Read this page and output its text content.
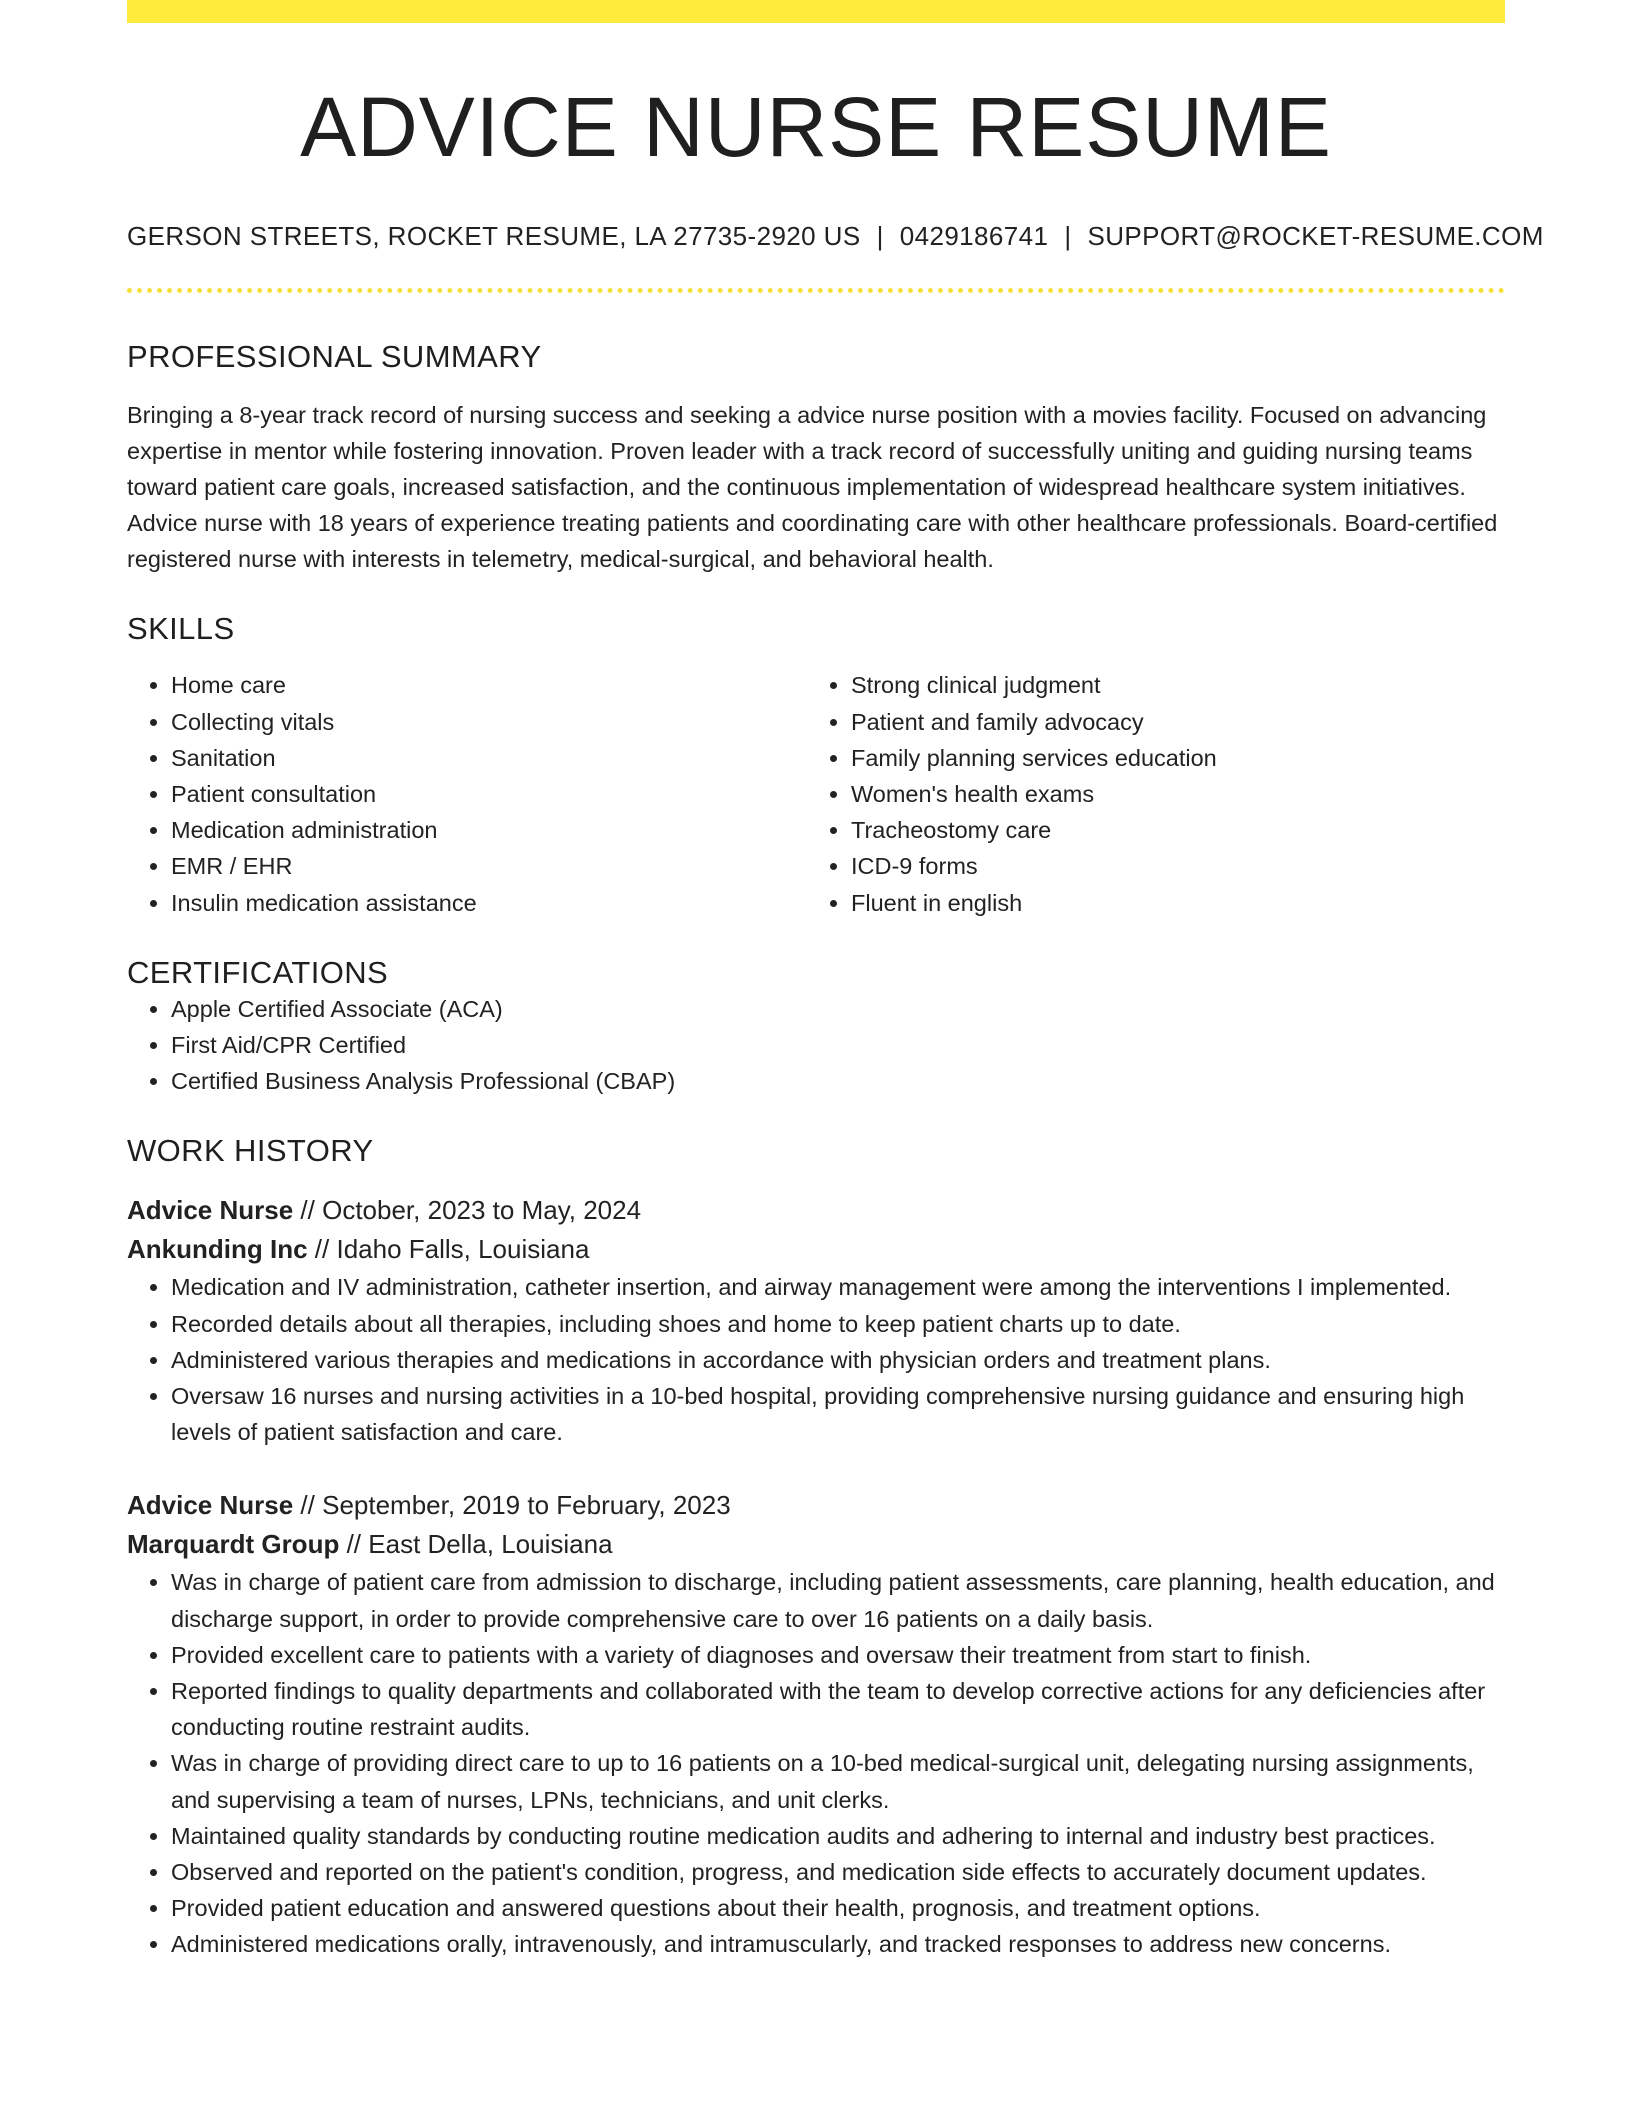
ADVICE NURSE RESUME
GERSON STREETS, ROCKET RESUME, LA 27735-2920 US | 0429186741 | SUPPORT@ROCKET-RESUME.COM
PROFESSIONAL SUMMARY

Bringing a 8-year track record of nursing success and seeking a advice nurse position with a movies facility. Focused on advancing expertise in mentor while fostering innovation. Proven leader with a track record of successfully uniting and guiding nursing teams toward patient care goals, increased satisfaction, and the continuous implementation of widespread healthcare system initiatives. Advice nurse with 18 years of experience treating patients and coordinating care with other healthcare professionals. Board-certified registered nurse with interests in telemetry, medical-surgical, and behavioral health.

SKILLS
• Home care
• Collecting vitals
• Sanitation
• Patient consultation
• Medication administration
• EMR / EHR
• Insulin medication assistance
• Strong clinical judgment
• Patient and family advocacy
• Family planning services education
• Women's health exams
• Tracheostomy care
• ICD-9 forms
• Fluent in english
CERTIFICATIONS
• Apple Certified Associate (ACA)
• First Aid/CPR Certified
• Certified Business Analysis Professional (CBAP)
WORK HISTORY
Advice Nurse // October, 2023 to May, 2024
Ankunding Inc // Idaho Falls, Louisiana
• Medication and IV administration, catheter insertion, and airway management were among the interventions I implemented.
• Recorded details about all therapies, including shoes and home to keep patient charts up to date.
• Administered various therapies and medications in accordance with physician orders and treatment plans.
• Oversaw 16 nurses and nursing activities in a 10-bed hospital, providing comprehensive nursing guidance and ensuring high levels of patient satisfaction and care.
Advice Nurse // September, 2019 to February, 2023
Marquardt Group // East Della, Louisiana
• Was in charge of patient care from admission to discharge, including patient assessments, care planning, health education, and discharge support, in order to provide comprehensive care to over 16 patients on a daily basis.
• Provided excellent care to patients with a variety of diagnoses and oversaw their treatment from start to finish.
• Reported findings to quality departments and collaborated with the team to develop corrective actions for any deficiencies after conducting routine restraint audits.
• Was in charge of providing direct care to up to 16 patients on a 10-bed medical-surgical unit, delegating nursing assignments, and supervising a team of nurses, LPNs, technicians, and unit clerks.
• Maintained quality standards by conducting routine medication audits and adhering to internal and industry best practices.
• Observed and reported on the patient's condition, progress, and medication side effects to accurately document updates.
• Provided patient education and answered questions about their health, prognosis, and treatment options.
• Administered medications orally, intravenously, and intramuscularly, and tracked responses to address new concerns.
